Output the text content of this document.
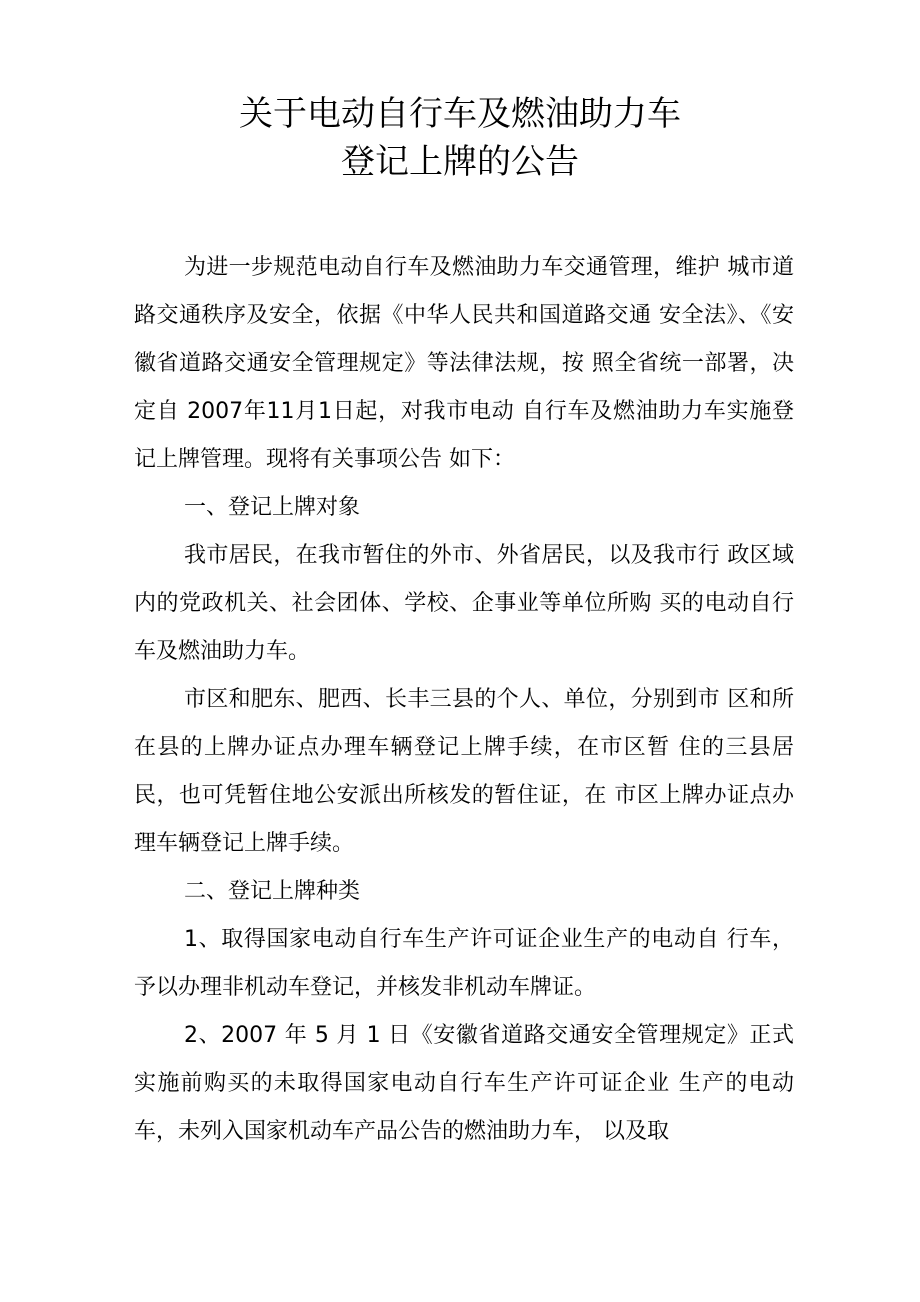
关于电动自行车及燃油助力车
登记上牌的公告

为进一步规范电动自行车及燃油助力车交通管理，维护 城市道路交通秩序及安全，依据《中华人民共和国道路交通 安全法》、《安徽省道路交通安全管理规定》等法律法规，按 照全省统一部署，决定自 2007年11月1日起，对我市电动 自行车及燃油助力车实施登记上牌管理。现将有关事项公告 如下：

一、登记上牌对象

我市居民，在我市暂住的外市、外省居民，以及我市行 政区域内的党政机关、社会团体、学校、企事业等单位所购 买的电动自行车及燃油助力车。

市区和肥东、肥西、长丰三县的个人、单位，分别到市 区和所在县的上牌办证点办理车辆登记上牌手续，在市区暂 住的三县居民，也可凭暂住地公安派出所核发的暂住证，在 市区上牌办证点办理车辆登记上牌手续。

二、登记上牌种类

1、取得国家电动自行车生产许可证企业生产的电动自 行车，予以办理非机动车登记，并核发非机动车牌证。

2、2007 年 5 月 1 日《安徽省道路交通安全管理规定》正式实施前购买的未取得国家电动自行车生产许可证企业 生产的电动车，未列入国家机动车产品公告的燃油助力车， 以及取
